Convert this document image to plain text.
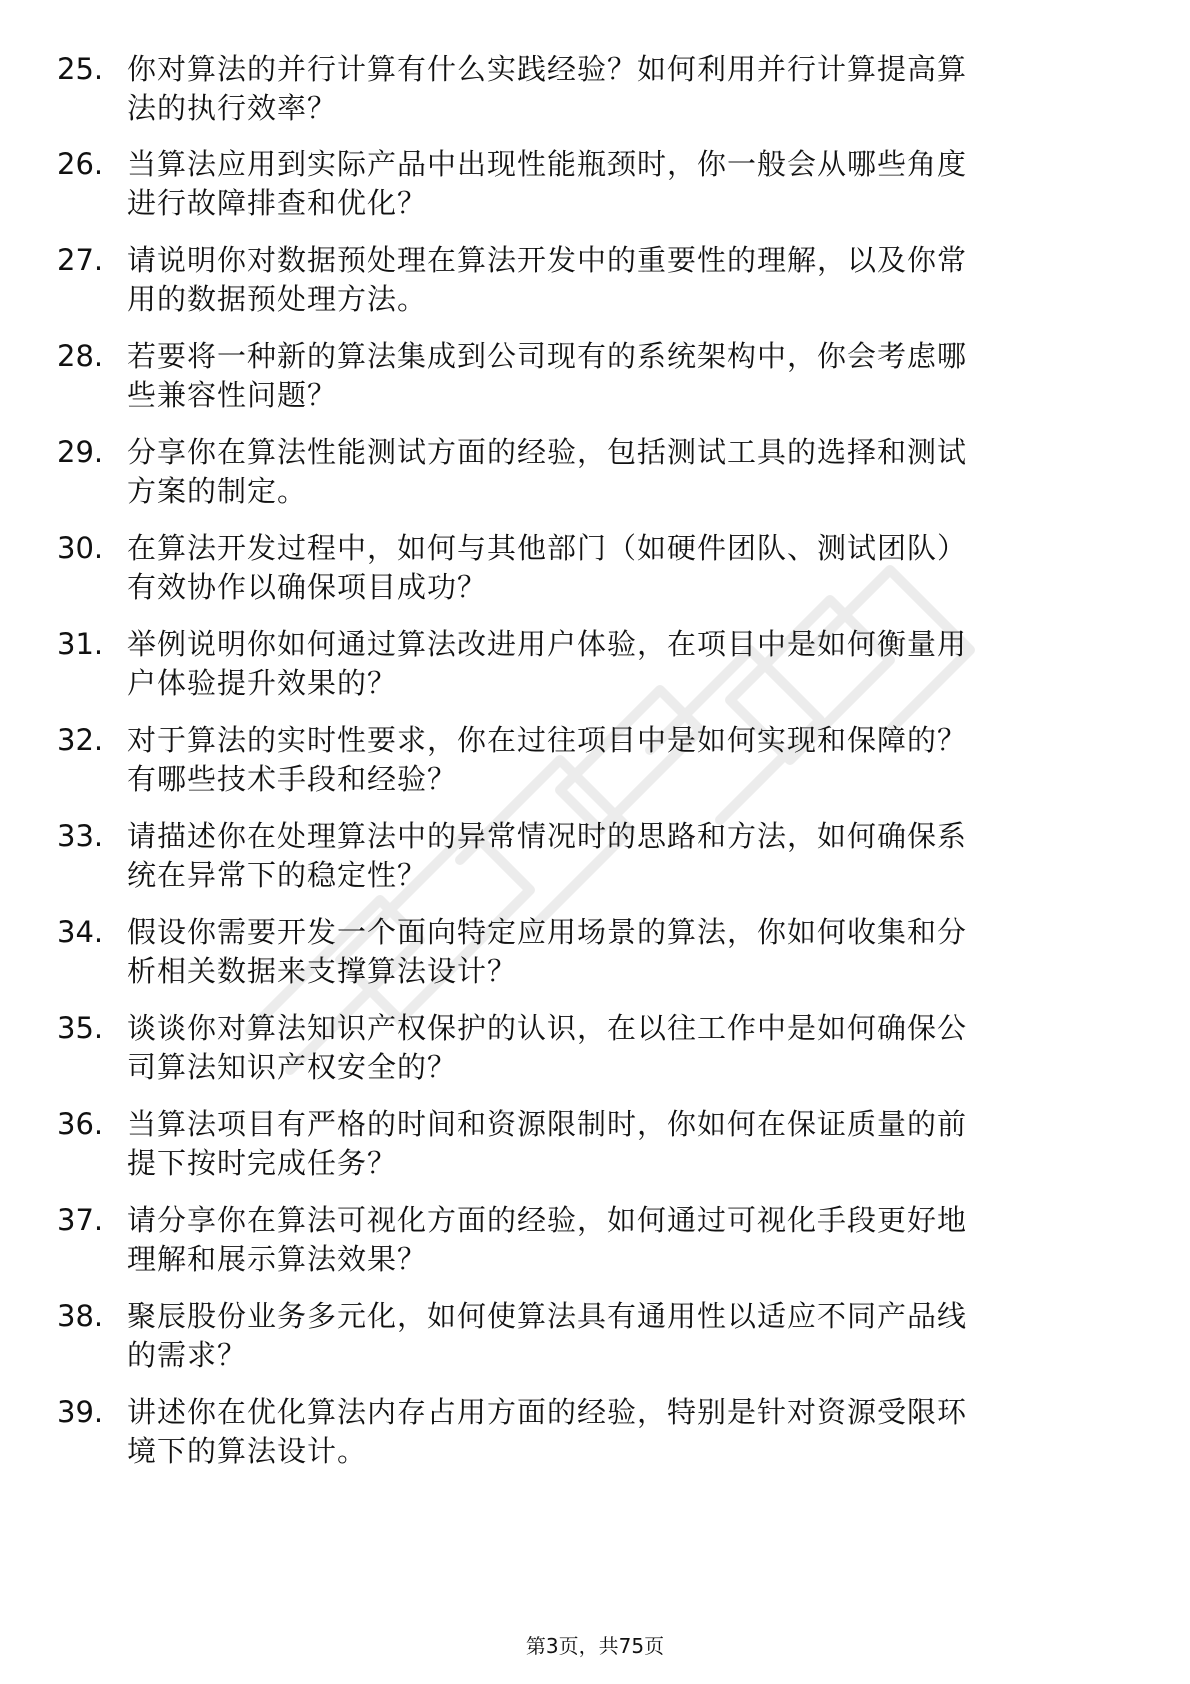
25. 你对算法的并行计算有什么实践经验？如何利用并行计算提高算
法的执行效率？
26. 当算法应用到实际产品中出现性能瓶颈时，你一般会从哪些角度
进行故障排查和优化？
27. 请说明你对数据预处理在算法开发中的重要性的理解，以及你常
用的数据预处理方法。
28. 若要将一种新的算法集成到公司现有的系统架构中，你会考虑哪
些兼容性问题？
29. 分享你在算法性能测试方面的经验，包括测试工具的选择和测试
方案的制定。
30. 在算法开发过程中，如何与其他部门（如硬件团队、测试团队）
有效协作以确保项目成功？
31. 举例说明你如何通过算法改进用户体验，在项目中是如何衡量用
户体验提升效果的？
32. 对于算法的实时性要求，你在过往项目中是如何实现和保障的？
有哪些技术手段和经验？
33. 请描述你在处理算法中的异常情况时的思路和方法，如何确保系
统在异常下的稳定性？
34. 假设你需要开发一个面向特定应用场景的算法，你如何收集和分
析相关数据来支撑算法设计？
35. 谈谈你对算法知识产权保护的认识，在以往工作中是如何确保公
司算法知识产权安全的？
36. 当算法项目有严格的时间和资源限制时，你如何在保证质量的前
提下按时完成任务？
37. 请分享你在算法可视化方面的经验，如何通过可视化手段更好地
理解和展示算法效果？
38. 聚辰股份业务多元化，如何使算法具有通用性以适应不同产品线
的需求？
39. 讲述你在优化算法内存占用方面的经验，特别是针对资源受限环
境下的算法设计。
第3页，共75页
